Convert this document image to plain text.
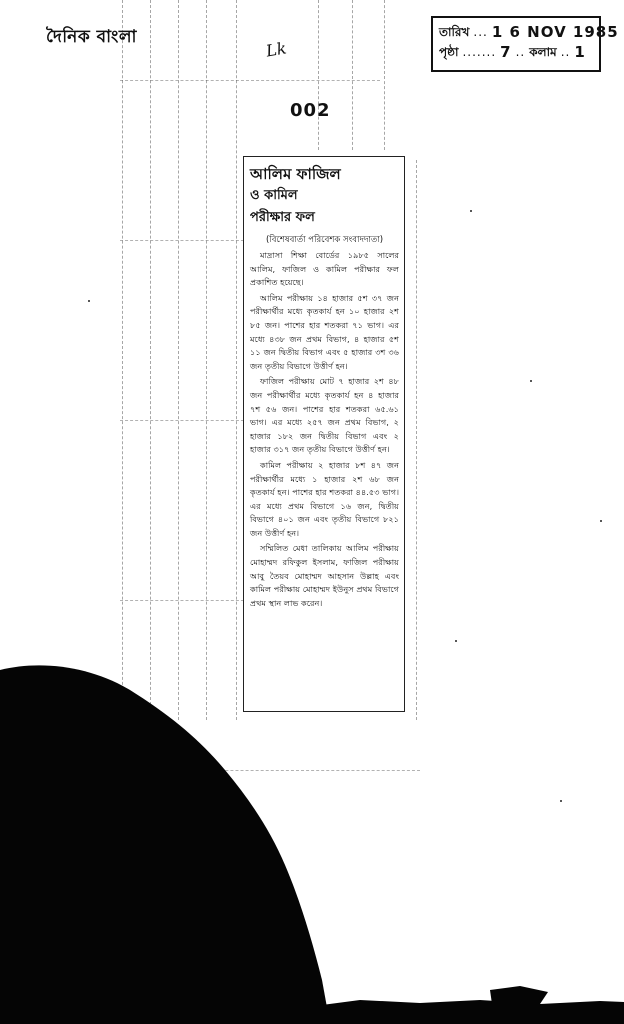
দৈনিক বাংলা	তারিখ ... 1 6 NOV 1985
পৃষ্ঠা ....... 7 .. কলাম .. 1
Lk
002

আলিম ফাজিল

ও কামিল

পরীক্ষার ফল

(বিশেষবার্তা পরিবেশক সংবাদদাতা)

মাদ্রাসা শিক্ষা বোর্ডের ১৯৮৫ সালের আলিম, ফাজিল ও কামিল পরীক্ষার ফল প্রকাশিত হয়েছে।

আলিম পরীক্ষায় ১৪ হাজার ৫শ ৩৭ জন পরীক্ষার্থীর মধ্যে কৃতকার্য হন ১০ হাজার ২শ ৮৫ জন। পাশের হার শতকরা ৭১ ভাগ। এর মধ্যে ৪৩৮ জন প্রথম বিভাগ, ৪ হাজার ৫শ ১১ জন দ্বিতীয় বিভাগ এবং ৫ হাজার ৩শ ৩৬ জন তৃতীয় বিভাগে উত্তীর্ণ হন।

ফাজিল পরীক্ষায় মোট ৭ হাজার ২শ ৪৮ জন পরীক্ষার্থীর মধ্যে কৃতকার্য হন ৪ হাজার ৭শ ৫৬ জন। পাশের হার শতকরা ৬৫.৬১ ভাগ। এর মধ্যে ২৫৭ জন প্রথম বিভাগ, ২ হাজার ১৮২ জন দ্বিতীয় বিভাগ এবং ২ হাজার ৩১৭ জন তৃতীয় বিভাগে উত্তীর্ণ হন।

কামিল পরীক্ষায় ২ হাজার ৮শ ৪৭ জন পরীক্ষার্থীর মধ্যে ১ হাজার ২শ ৬৮ জন কৃতকার্য হন। পাশের হার শতকরা ৪৪.৫৩ ভাগ। এর মধ্যে প্রথম বিভাগে ১৬ জন, দ্বিতীয় বিভাগে ৪০১ জন এবং তৃতীয় বিভাগে ৮২১ জন উত্তীর্ণ হন।

সম্মিলিত মেধা তালিকায় আলিম পরীক্ষায় মোহাম্মদ রফিকুল ইসলাম, ফাজিল পরীক্ষায় আবু তৈয়ব মোহাম্মদ আহসান উল্লাহ এবং কামিল পরীক্ষায় মোহাম্মদ ইউনুস প্রথম বিভাগে প্রথম স্থান লাভ করেন।
